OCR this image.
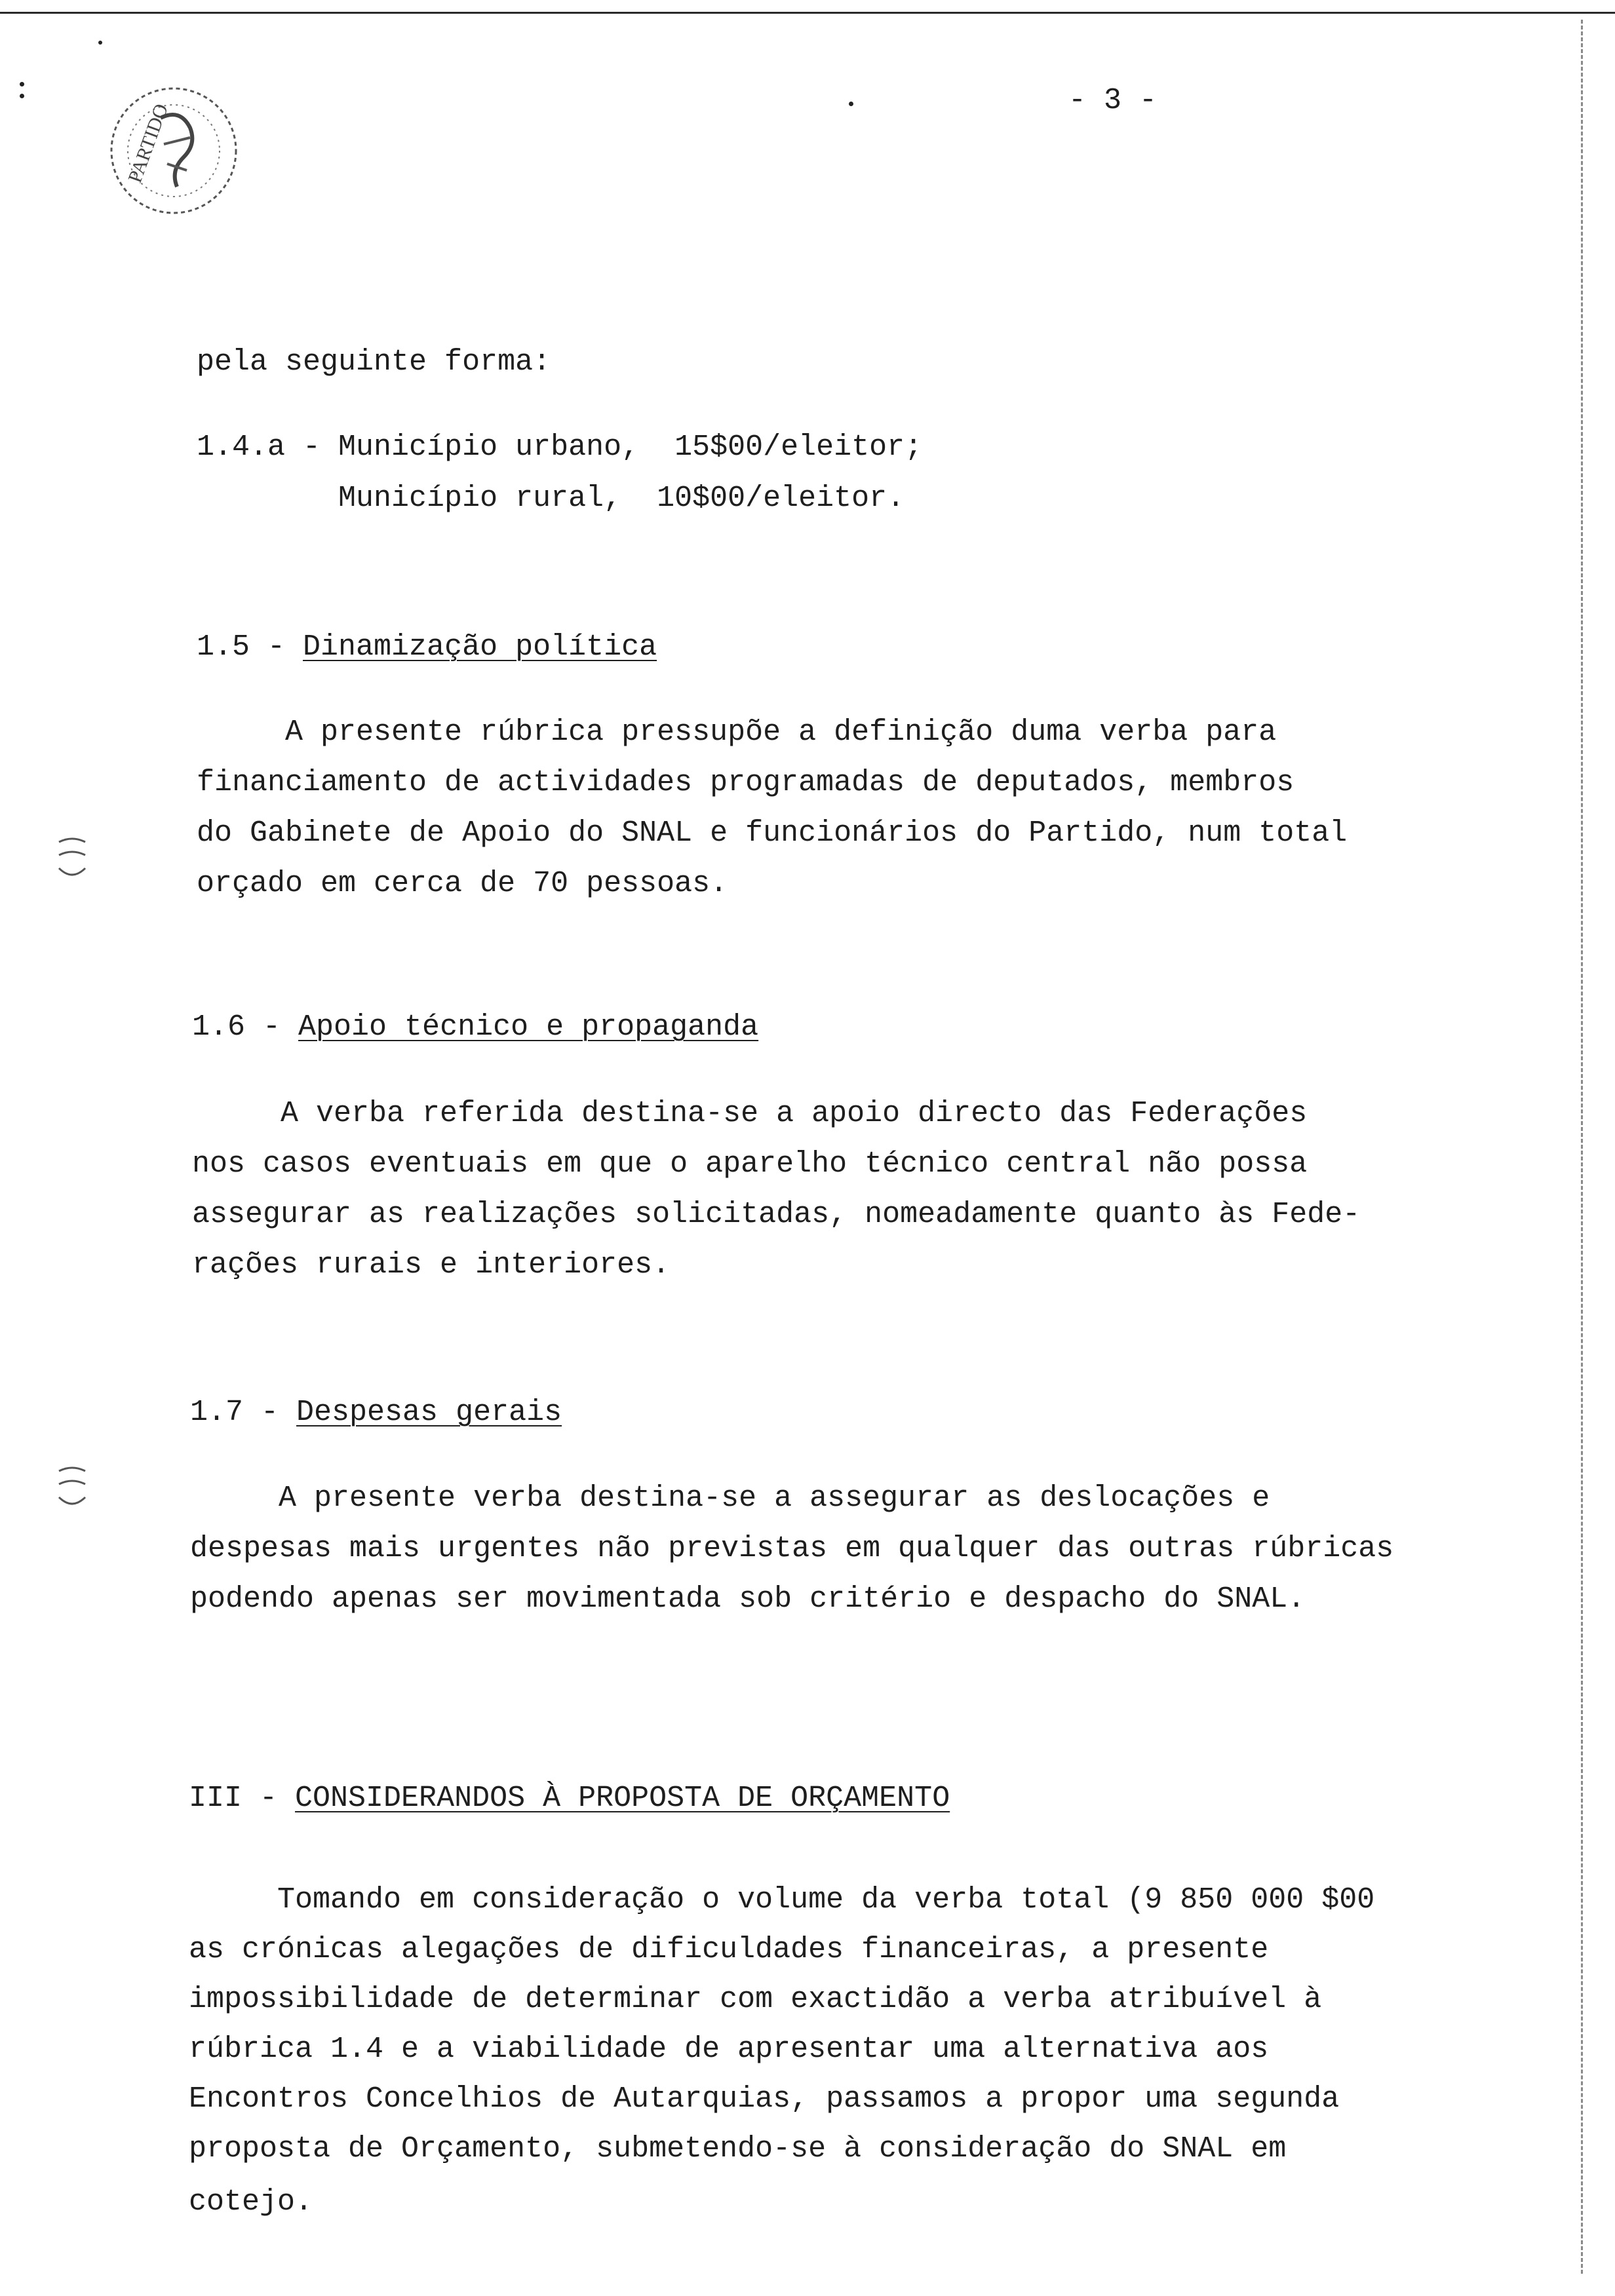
PARTIDO
- 3 -
pela seguinte forma:
1.4.a - Município urbano,  15$00/eleitor;
Município rural,  10$00/eleitor.
1.5 - Dinamização política
A presente rúbrica pressupõe a definição duma verba para
financiamento de actividades programadas de deputados, membros
do Gabinete de Apoio do SNAL e funcionários do Partido, num total
orçado em cerca de 70 pessoas.
1.6 - Apoio técnico e propaganda
A verba referida destina-se a apoio directo das Federações
nos casos eventuais em que o aparelho técnico central não possa
assegurar as realizações solicitadas, nomeadamente quanto às Fede-
rações rurais e interiores.
1.7 - Despesas gerais
A presente verba destina-se a assegurar as deslocações e
despesas mais urgentes não previstas em qualquer das outras rúbricas
podendo apenas ser movimentada sob critério e despacho do SNAL.
III - CONSIDERANDOS À PROPOSTA DE ORÇAMENTO
Tomando em consideração o volume da verba total (9 850 000 $00
as crónicas alegações de dificuldades financeiras, a presente
impossibilidade de determinar com exactidão a verba atribuível à
rúbrica 1.4 e a viabilidade de apresentar uma alternativa aos
Encontros Concelhios de Autarquias, passamos a propor uma segunda
proposta de Orçamento, submetendo-se à consideração do SNAL em
cotejo.
